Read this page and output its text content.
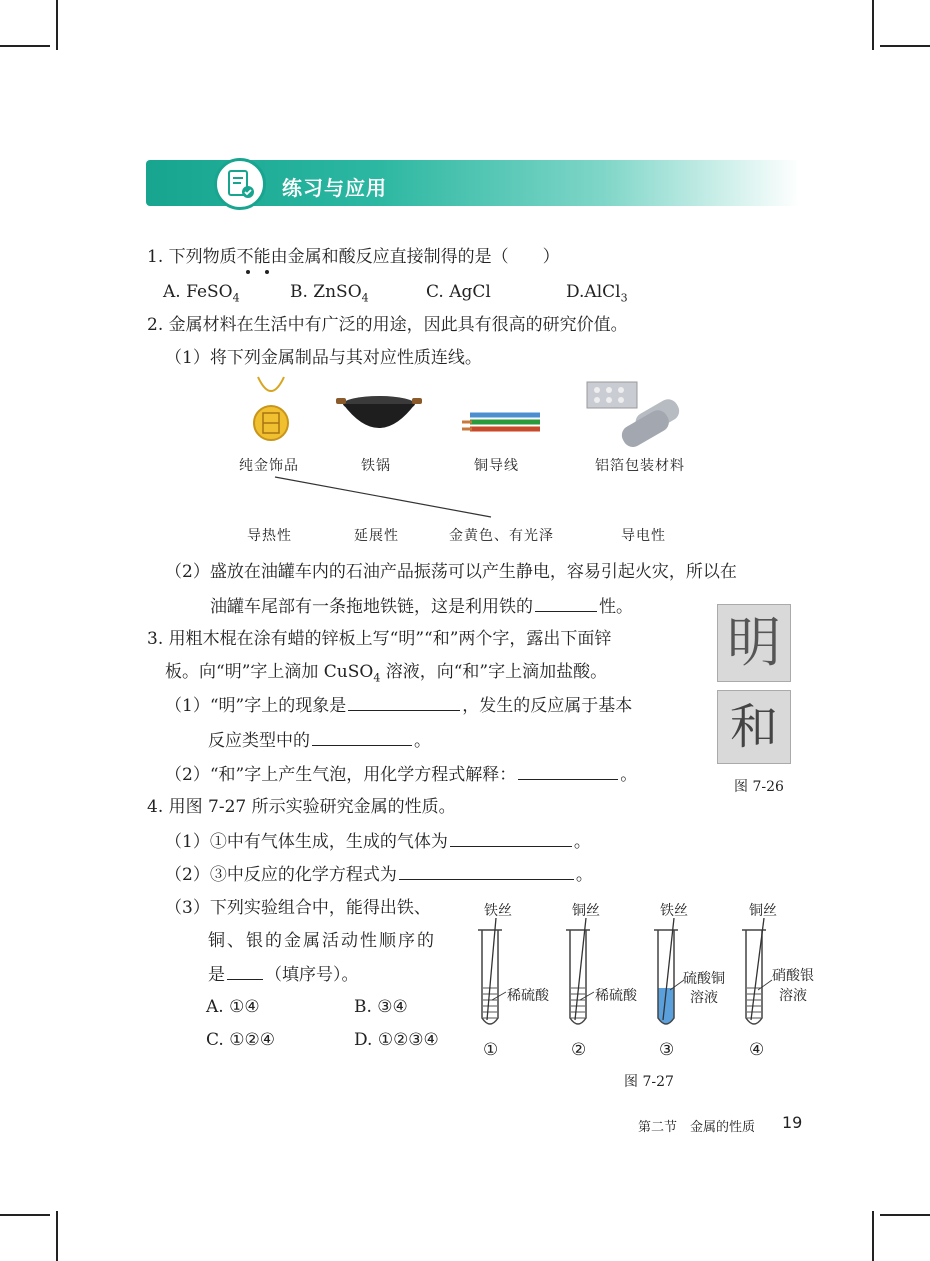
练习与应用
1. 下列物质不能由金属和酸反应直接制得的是（　　）
A. FeSO$_4$	B. ZnSO$_4$	C. AgCl	D.AlCl$_3$
2. 金属材料在生活中有广泛的用途，因此具有很高的研究价值。
（1）将下列金属制品与其对应性质连线。
纯金饰品	铁锅	铜导线	铝箔包装材料
导热性	延展性	金黄色、有光泽	导电性
（2）盛放在油罐车内的石油产品振荡可以产生静电，容易引起火灾，所以在
油罐车尾部有一条拖地铁链，这是利用铁的	性。
3. 用粗木棍在涂有蜡的锌板上写“明”“和”两个字，露出下面锌
板。向“明”字上滴加 CuSO$_4$ 溶液，向“和”字上滴加盐酸。
（1）“明”字上的现象是	，发生的反应属于基本
反应类型中的	。
（2）“和”字上产生气泡，用化学方程式解释：	。
明
和
图 7-26
4. 用图 7-27 所示实验研究金属的性质。
（1）①中有气体生成，生成的气体为	。
（2）③中反应的化学方程式为	。
（3）下列实验组合中，能得出铁、
铜、银的金属活动性顺序的
是 （填序号）。
A. ①④	B. ③④
C. ①②④	D. ①②③④
铁丝	铜丝	铁丝	铜丝
稀硫酸	稀硫酸
硫酸铜
溶液
硝酸银
溶液
①	②	③	④
图 7-27
第二节　金属的性质 19
